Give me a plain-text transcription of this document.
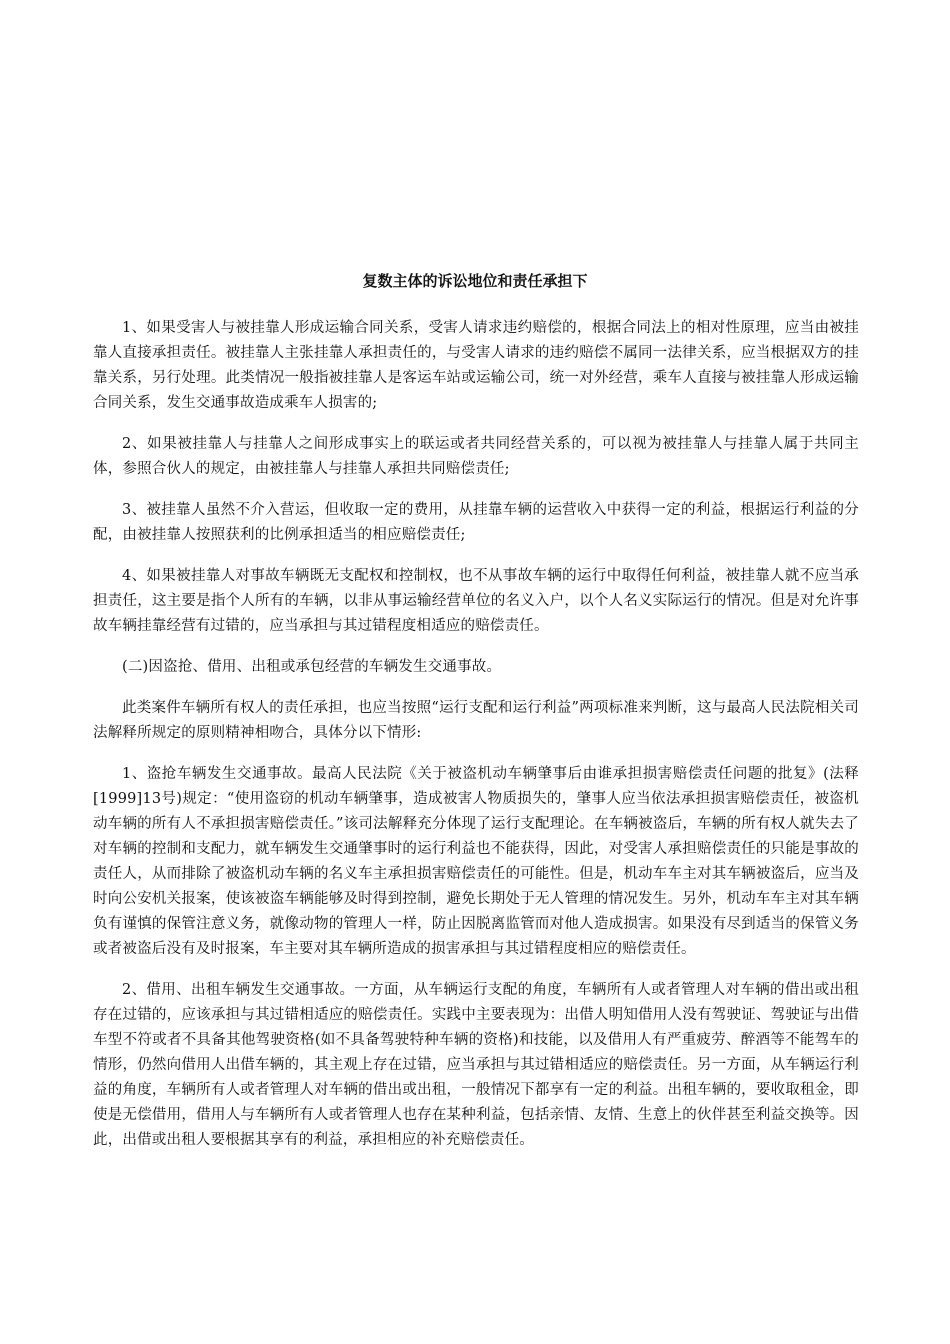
复数主体的诉讼地位和责任承担下

1、如果受害人与被挂靠人形成运输合同关系，受害人请求违约赔偿的，根据合同法上的相对性原理，应当由被挂靠人直接承担责任。被挂靠人主张挂靠人承担责任的，与受害人请求的违约赔偿不属同一法律关系，应当根据双方的挂靠关系，另行处理。此类情况一般指被挂靠人是客运车站或运输公司，统一对外经营，乘车人直接与被挂靠人形成运输合同关系，发生交通事故造成乘车人损害的;

2、如果被挂靠人与挂靠人之间形成事实上的联运或者共同经营关系的，可以视为被挂靠人与挂靠人属于共同主体，参照合伙人的规定，由被挂靠人与挂靠人承担共同赔偿责任;

3、被挂靠人虽然不介入营运，但收取一定的费用，从挂靠车辆的运营收入中获得一定的利益，根据运行利益的分配，由被挂靠人按照获利的比例承担适当的相应赔偿责任;

4、如果被挂靠人对事故车辆既无支配权和控制权，也不从事故车辆的运行中取得任何利益，被挂靠人就不应当承担责任，这主要是指个人所有的车辆，以非从事运输经营单位的名义入户，以个人名义实际运行的情况。但是对允许事故车辆挂靠经营有过错的，应当承担与其过错程度相适应的赔偿责任。

(二)因盗抢、借用、出租或承包经营的车辆发生交通事故。

此类案件车辆所有权人的责任承担，也应当按照“运行支配和运行利益”两项标准来判断，这与最高人民法院相关司法解释所规定的原则精神相吻合，具体分以下情形:

1、盗抢车辆发生交通事故。最高人民法院《关于被盗机动车辆肇事后由谁承担损害赔偿责任问题的批复》(法释[1999]13号)规定：“使用盗窃的机动车辆肇事，造成被害人物质损失的，肇事人应当依法承担损害赔偿责任，被盗机动车辆的所有人不承担损害赔偿责任。”该司法解释充分体现了运行支配理论。在车辆被盗后，车辆的所有权人就失去了对车辆的控制和支配力，就车辆发生交通肇事时的运行利益也不能获得，因此，对受害人承担赔偿责任的只能是事故的责任人，从而排除了被盗机动车辆的名义车主承担损害赔偿责任的可能性。但是，机动车车主对其车辆被盗后，应当及时向公安机关报案，使该被盗车辆能够及时得到控制，避免长期处于无人管理的情况发生。另外，机动车车主对其车辆负有谨慎的保管注意义务，就像动物的管理人一样，防止因脱离监管而对他人造成损害。如果没有尽到适当的保管义务或者被盗后没有及时报案，车主要对其车辆所造成的损害承担与其过错程度相应的赔偿责任。

2、借用、出租车辆发生交通事故。一方面，从车辆运行支配的角度，车辆所有人或者管理人对车辆的借出或出租存在过错的，应该承担与其过错相适应的赔偿责任。实践中主要表现为：出借人明知借用人没有驾驶证、驾驶证与出借车型不符或者不具备其他驾驶资格(如不具备驾驶特种车辆的资格)和技能，以及借用人有严重疲劳、醉酒等不能驾车的情形，仍然向借用人出借车辆的，其主观上存在过错，应当承担与其过错相适应的赔偿责任。另一方面，从车辆运行利益的角度，车辆所有人或者管理人对车辆的借出或出租，一般情况下都享有一定的利益。出租车辆的，要收取租金，即使是无偿借用，借用人与车辆所有人或者管理人也存在某种利益，包括亲情、友情、生意上的伙伴甚至利益交换等。因此，出借或出租人要根据其享有的利益，承担相应的补充赔偿责任。
